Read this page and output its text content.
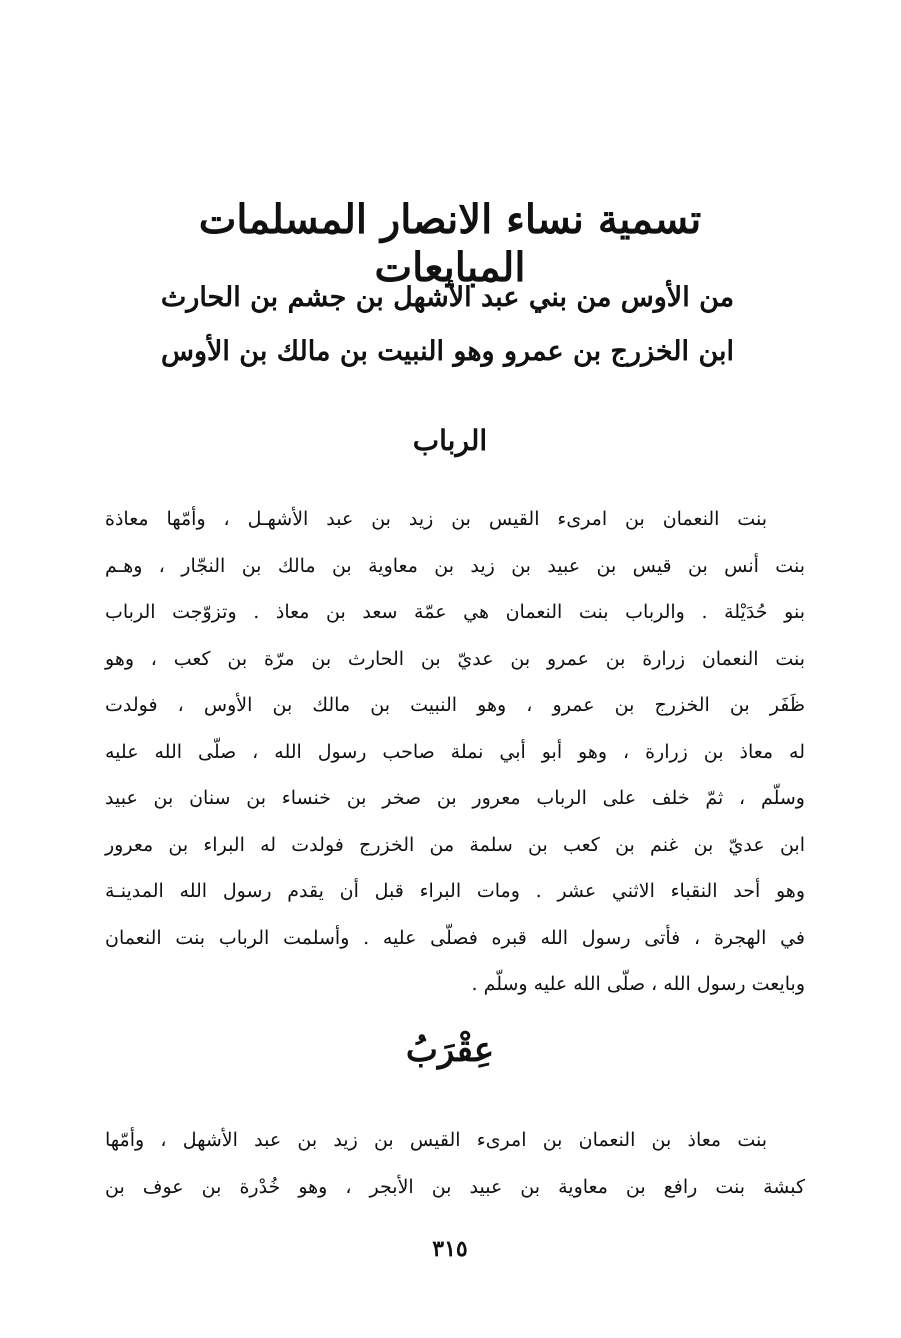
تسمية نساء الانصار المسلمات المبايعات
من الأوس من بني عبد الأشهل بن جشم بن الحارث
ابن الخزرج بن عمرو وهو النبيت بن مالك بن الأوس
الرباب
بنت النعمان بن امرىء القيس بن زيد بن عبد الأشهـل ، وأمّها معاذة
بنت أنس بن قيس بن عبيد بن زيد بن معاوية بن مالك بن النجّار ، وهـم
بنو حُدَيْلة . والرباب بنت النعمان هي عمّة سعد بن معاذ . وتزوّجت الرباب
بنت النعمان زرارة بن عمرو بن عديّ بن الحارث بن مرّة بن كعب ، وهو
ظَفَر بن الخزرج بن عمرو ، وهو النبيت بن مالك بن الأوس ، فولدت
له معاذ بن زرارة ، وهو أبو أبي نملة صاحب رسول الله ، صلّى الله عليه
وسلّم ، ثمّ خلف على الرباب معرور بن صخر بن خنساء بن سنان بن عبيد
ابن عديّ بن غنم بن كعب بن سلمة من الخزرج فولدت له البراء بن معرور
وهو أحد النقباء الاثني عشر . ومات البراء قبل أن يقدم رسول الله المدينـة
في الهجرة ، فأتى رسول الله قبره فصلّى عليه . وأسلمت الرباب بنت النعمان
وبايعت رسول الله ، صلّى الله عليه وسلّم .
عِقْرَبُ
بنت معاذ بن النعمان بن امرىء القيس بن زيد بن عبد الأشهل ، وأمّها
كبشة بنت رافع بن معاوية بن عبيد بن الأبجر ، وهو خُدْرة بن عوف بن
٣١٥
